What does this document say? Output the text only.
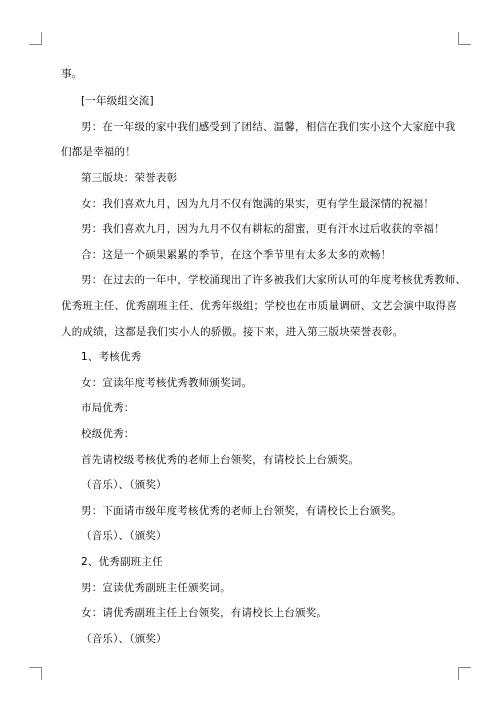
事。
[一年级组交流]
男：在一年级的家中我们感受到了团结、温馨，相信在我们实小这个大家庭中我
们都是幸福的！
第三版块：荣誉表彰
女：我们喜欢九月，因为九月不仅有饱满的果实，更有学生最深情的祝福！
男：我们喜欢九月，因为九月不仅有耕耘的甜蜜，更有汗水过后收获的幸福！
合：这是一个硕果累累的季节，在这个季节里有太多太多的欢畅！
男：在过去的一年中，学校涌现出了许多被我们大家所认可的年度考核优秀教师、
优秀班主任、优秀副班主任、优秀年级组；学校也在市质量调研、文艺会演中取得喜
人的成绩，这都是我们实小人的骄傲。接下来，进入第三版块荣誉表彰。
1、考核优秀
女：宣读年度考核优秀教师颁奖词。
市局优秀：
校级优秀：
首先请校级考核优秀的老师上台领奖，有请校长上台颁奖。
（音乐）、（颁奖）
男：下面请市级年度考核优秀的老师上台领奖，有请校长上台颁奖。
（音乐）、（颁奖）
2、优秀副班主任
男：宣读优秀副班主任颁奖词。
女：请优秀副班主任上台领奖，有请校长上台颁奖。
（音乐）、（颁奖）
